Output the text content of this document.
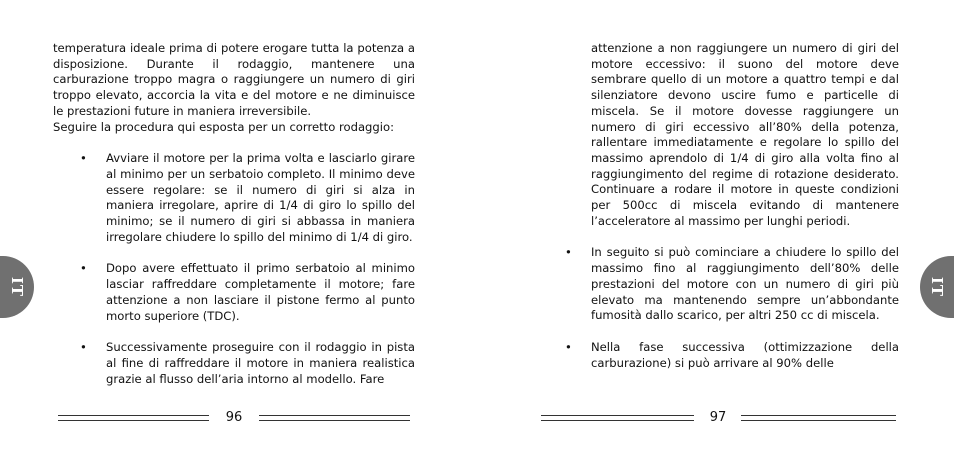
temperatura ideale prima di potere erogare tutta la potenza a disposizione. Durante il rodaggio, mantenere una carburazione troppo magra o raggiungere un numero di giri troppo elevato, accorcia la vita e del motore e ne diminuisce le prestazioni future in maniera irreversibile.

Seguire la procedura qui esposta per un corretto rodaggio:

• Avviare il motore per la prima volta e lasciarlo girare al minimo per un serbatoio completo. Il minimo deve essere regolare: se il numero di giri si alza in maniera irregolare, aprire di 1/4 di giro lo spillo del minimo; se il numero di giri si abbassa in maniera irregolare chiudere lo spillo del minimo di 1/4 di giro.
• Dopo avere effettuato il primo serbatoio al minimo lasciar raffreddare completamente il motore; fare attenzione a non lasciare il pistone fermo al punto morto superiore (TDC).
• Successivamente proseguire con il rodaggio in pista al fine di raffreddare il motore in maniera realistica grazie al flusso dell’aria intorno al modello. Fare
IT
96

attenzione a non raggiungere un numero di giri del motore eccessivo: il suono del motore deve sembrare quello di un motore a quattro tempi e dal silenziatore devono uscire fumo e particelle di miscela. Se il motore dovesse raggiungere un numero di giri eccessivo all’80% della potenza, rallentare immediatamente e regolare lo spillo del massimo aprendolo di 1/4 di giro alla volta fino al raggiungimento del regime di rotazione desiderato. Continuare a rodare il motore in queste condizioni per 500cc di miscela evitando di mantenere l’acceleratore al massimo per lunghi periodi.

• In seguito si può cominciare a chiudere lo spillo del massimo fino al raggiungimento dell’80% delle prestazioni del motore con un numero di giri più elevato ma mantenendo sempre un’abbondante fumosità dallo scarico, per altri 250 cc di miscela.
• Nella fase successiva (ottimizzazione della carburazione) si può arrivare al 90% delle
IT
97
